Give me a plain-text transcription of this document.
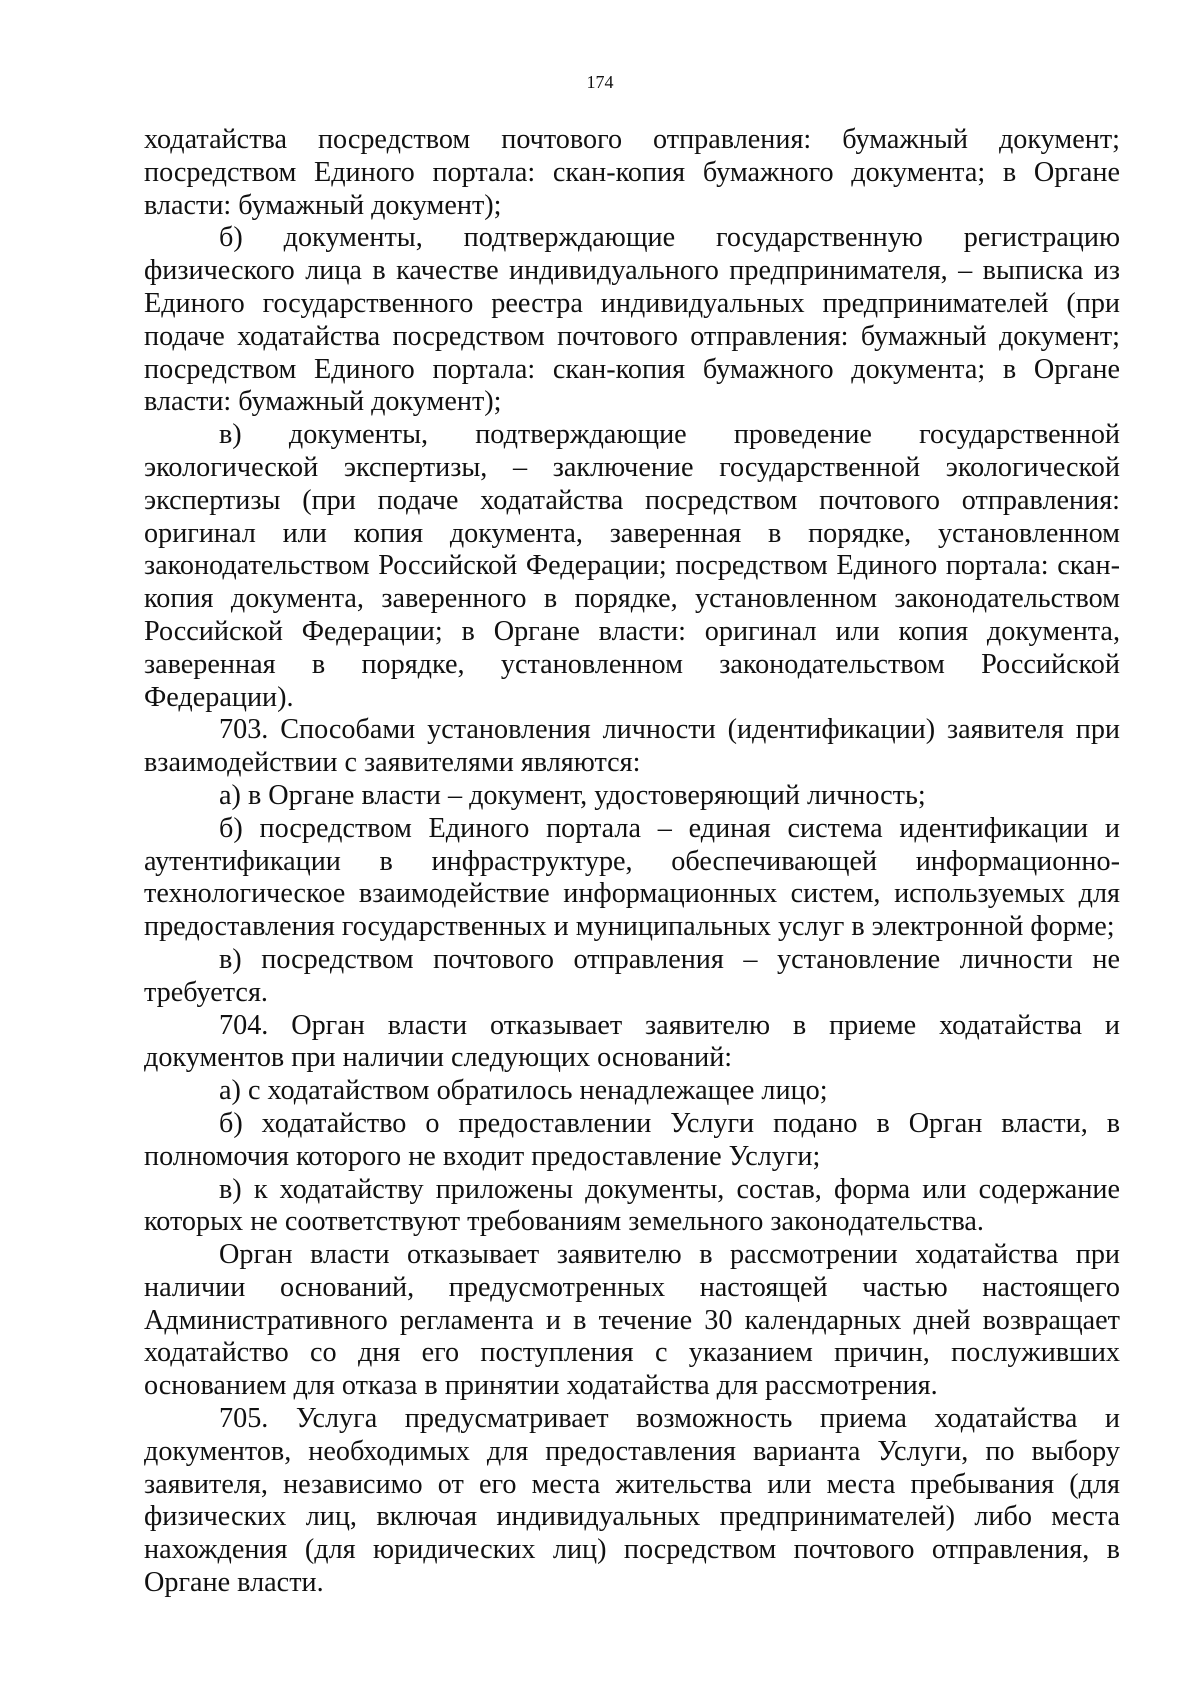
174

ходатайства посредством почтового отправления: бумажный документ; посредством Единого портала: скан-копия бумажного документа; в Органе власти: бумажный документ);

б) документы, подтверждающие государственную регистрацию физического лица в качестве индивидуального предпринимателя, – выписка из Единого государственного реестра индивидуальных предпринимателей (при подаче ходатайства посредством почтового отправления: бумажный документ; посредством Единого портала: скан-копия бумажного документа; в Органе власти: бумажный документ);

в) документы, подтверждающие проведение государственной экологической экспертизы, – заключение государственной экологической экспертизы (при подаче ходатайства посредством почтового отправления: оригинал или копия документа, заверенная в порядке, установленном законодательством Российской Федерации; посредством Единого портала: скан-копия документа, заверенного в порядке, установленном законодательством Российской Федерации; в Органе власти: оригинал или копия документа, заверенная в порядке, установленном законодательством Российской Федерации).

703. Способами установления личности (идентификации) заявителя при взаимодействии с заявителями являются:

а) в Органе власти – документ, удостоверяющий личность;

б) посредством Единого портала – единая система идентификации и аутентификации в инфраструктуре, обеспечивающей информационно-технологическое взаимодействие информационных систем, используемых для предоставления государственных и муниципальных услуг в электронной форме;

в) посредством почтового отправления – установление личности не требуется.

704. Орган власти отказывает заявителю в приеме ходатайства и документов при наличии следующих оснований:

а) с ходатайством обратилось ненадлежащее лицо;

б) ходатайство о предоставлении Услуги подано в Орган власти, в полномочия которого не входит предоставление Услуги;

в) к ходатайству приложены документы, состав, форма или содержание которых не соответствуют требованиям земельного законодательства.

Орган власти отказывает заявителю в рассмотрении ходатайства при наличии оснований, предусмотренных настоящей частью настоящего Административного регламента и в течение 30 календарных дней возвращает ходатайство со дня его поступления с указанием причин, послуживших основанием для отказа в принятии ходатайства для рассмотрения.

705. Услуга предусматривает возможность приема ходатайства и документов, необходимых для предоставления варианта Услуги, по выбору заявителя, независимо от его места жительства или места пребывания (для физических лиц, включая индивидуальных предпринимателей) либо места нахождения (для юридических лиц) посредством почтового отправления, в Органе власти.
